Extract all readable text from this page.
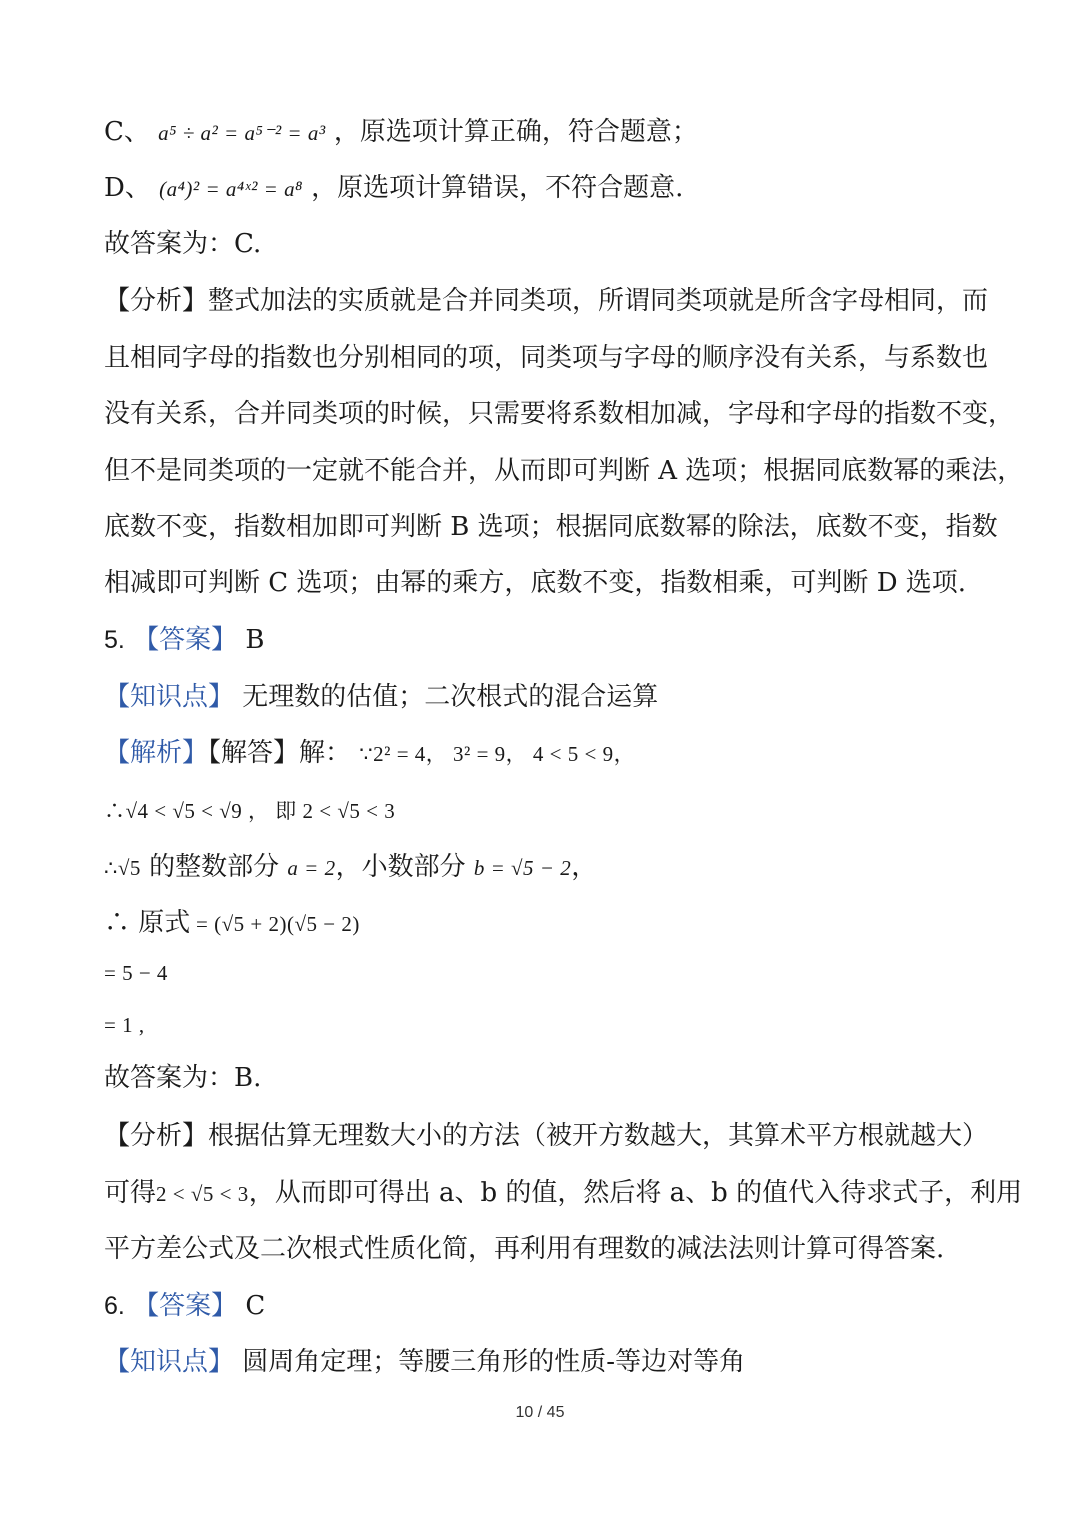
C、 a⁵ ÷ a² = a⁵⁻² = a³ ，原选项计算正确，符合题意；
D、 (a⁴)² = a⁴ˣ² = a⁸ ，原选项计算错误，不符合题意.
故答案为：C.
【分析】整式加法的实质就是合并同类项，所谓同类项就是所含字母相同，而
且相同字母的指数也分别相同的项，同类项与字母的顺序没有关系，与系数也
没有关系，合并同类项的时候，只需要将系数相加减，字母和字母的指数不变，
但不是同类项的一定就不能合并，从而即可判断 A 选项；根据同底数幂的乘法，
底数不变，指数相加即可判断 B 选项；根据同底数幂的除法，底数不变，指数
相减即可判断 C 选项；由幂的乘方，底数不变，指数相乘，可判断 D 选项.
5. 【答案】 B
【知识点】 无理数的估值；二次根式的混合运算
【解析】【解答】解： ∵2² = 4， 3² = 9， 4 < 5 < 9，
∴√4 < √5 < √9 ， 即 2 < √5 < 3
∴√5 的整数部分 a = 2，小数部分 b = √5 − 2，
∴ 原式 = (√5 + 2)(√5 − 2)
= 5 − 4
= 1 ,
故答案为：B.
【分析】根据估算无理数大小的方法（被开方数越大，其算术平方根就越大）
可得2 < √5 < 3，从而即可得出 a、b 的值，然后将 a、b 的值代入待求式子，利用
平方差公式及二次根式性质化简，再利用有理数的减法法则计算可得答案.
6. 【答案】 C
【知识点】 圆周角定理；等腰三角形的性质-等边对等角
10 / 45
